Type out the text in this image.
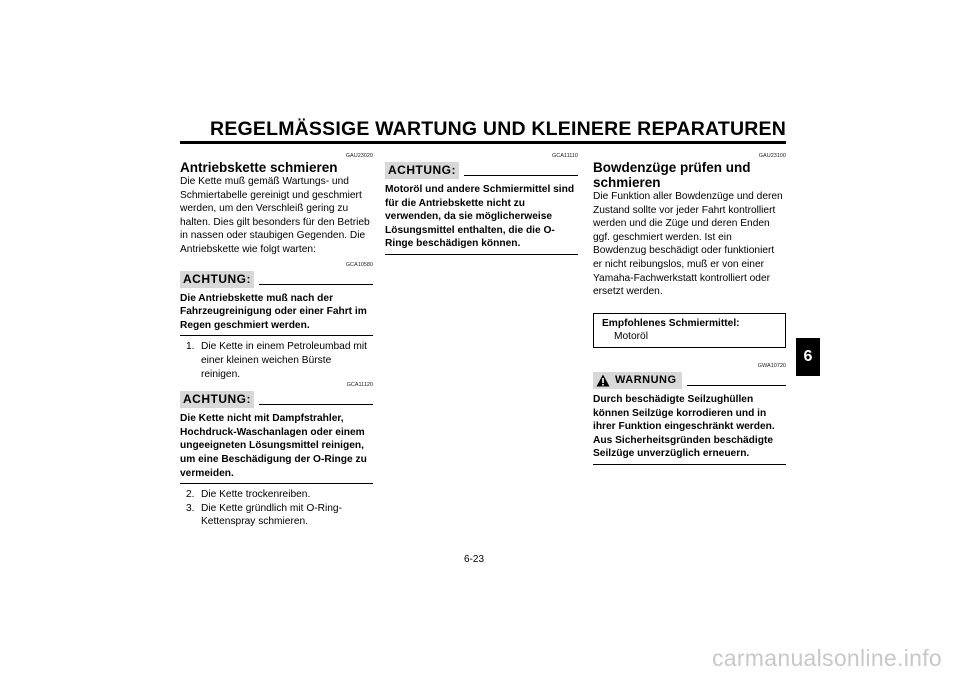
REGELMÄSSIGE WARTUNG UND KLEINERE REPARATUREN
6
GAU23020
Antriebskette schmieren

Die Kette muß gemäß Wartungs- und Schmiertabelle gereinigt und geschmiert werden, um den Verschleiß gering zu halten. Dies gilt besonders für den Betrieb in nassen oder staubigen Gegenden. Die Antriebskette wie folgt warten:

GCA10580
ACHTUNG:
Die Antriebskette muß nach der Fahrzeugreinigung oder einer Fahrt im Regen geschmiert werden.
1. Die Kette in einem Petroleumbad mit einer kleinen weichen Bürste reinigen.
GCA11120
ACHTUNG:
Die Kette nicht mit Dampfstrahler, Hochdruck-Waschanlagen oder einem ungeeigneten Lösungsmittel reinigen, um eine Beschädigung der O-Ringe zu vermeiden.
2. Die Kette trockenreiben.
3. Die Kette gründlich mit O-Ring-Kettenspray schmieren.
GCA11110
ACHTUNG:
Motoröl und andere Schmiermittel sind für die Antriebskette nicht zu verwenden, da sie möglicherweise Lösungsmittel enthalten, die die O-Ringe beschädigen können.
GAU23100
Bowdenzüge prüfen und schmieren

Die Funktion aller Bowdenzüge und deren Zustand sollte vor jeder Fahrt kontrolliert werden und die Züge und deren Enden ggf. geschmiert werden. Ist ein Bowdenzug beschädigt oder funktioniert er nicht reibungslos, muß er von einer Yamaha-Fachwerkstatt kontrolliert oder ersetzt werden.

Empfohlenes Schmiermittel:
Motoröl
GWA10720
WARNUNG
Durch beschädigte Seilzughüllen können Seilzüge korrodieren und in ihrer Funktion eingeschränkt werden. Aus Sicherheitsgründen beschädigte Seilzüge unverzüglich erneuern.
6-23
carmanualsonline.info
